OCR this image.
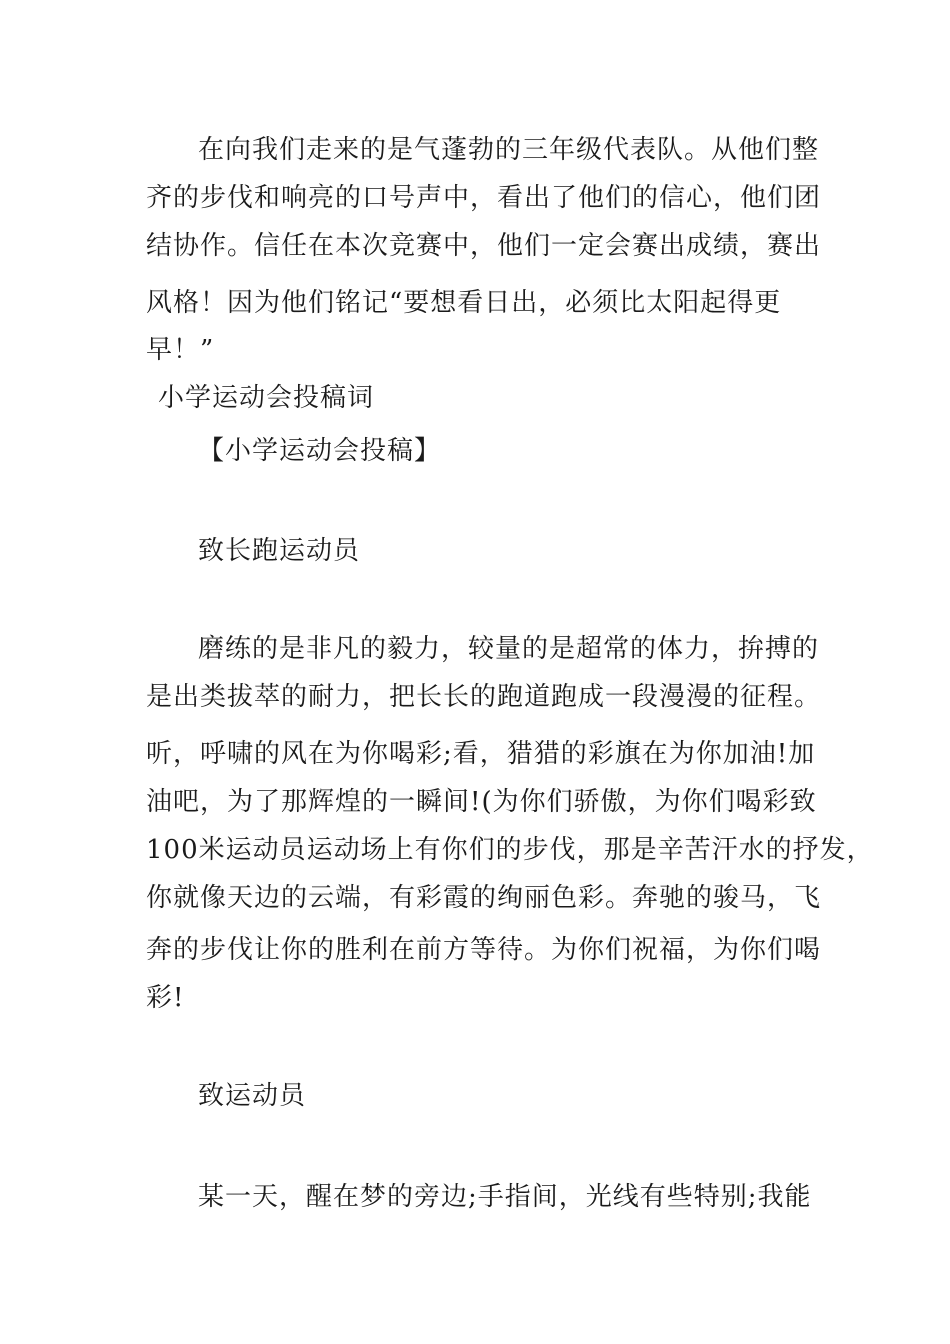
在向我们走来的是气蓬勃的三年级代表队。从他们整
齐的步伐和响亮的口号声中，看出了他们的信心，他们团
结协作。信任在本次竞赛中，他们一定会赛出成绩，赛出
风格！因为他们铭记“要想看日出，必须比太阳起得更
早！”
小学运动会投稿词
【小学运动会投稿】
致长跑运动员
磨练的是非凡的毅力，较量的是超常的体力，拚搏的
是出类拔萃的耐力，把长长的跑道跑成一段漫漫的征程。
听，呼啸的风在为你喝彩;看，猎猎的彩旗在为你加油!加
油吧，为了那辉煌的一瞬间!(为你们骄傲，为你们喝彩致
100米运动员运动场上有你们的步伐，那是辛苦汗水的抒发，
你就像天边的云端，有彩霞的绚丽色彩。奔驰的骏马，飞
奔的步伐让你的胜利在前方等待。为你们祝福，为你们喝
彩!
致运动员
某一天，醒在梦的旁边;手指间，光线有些特别;我能
